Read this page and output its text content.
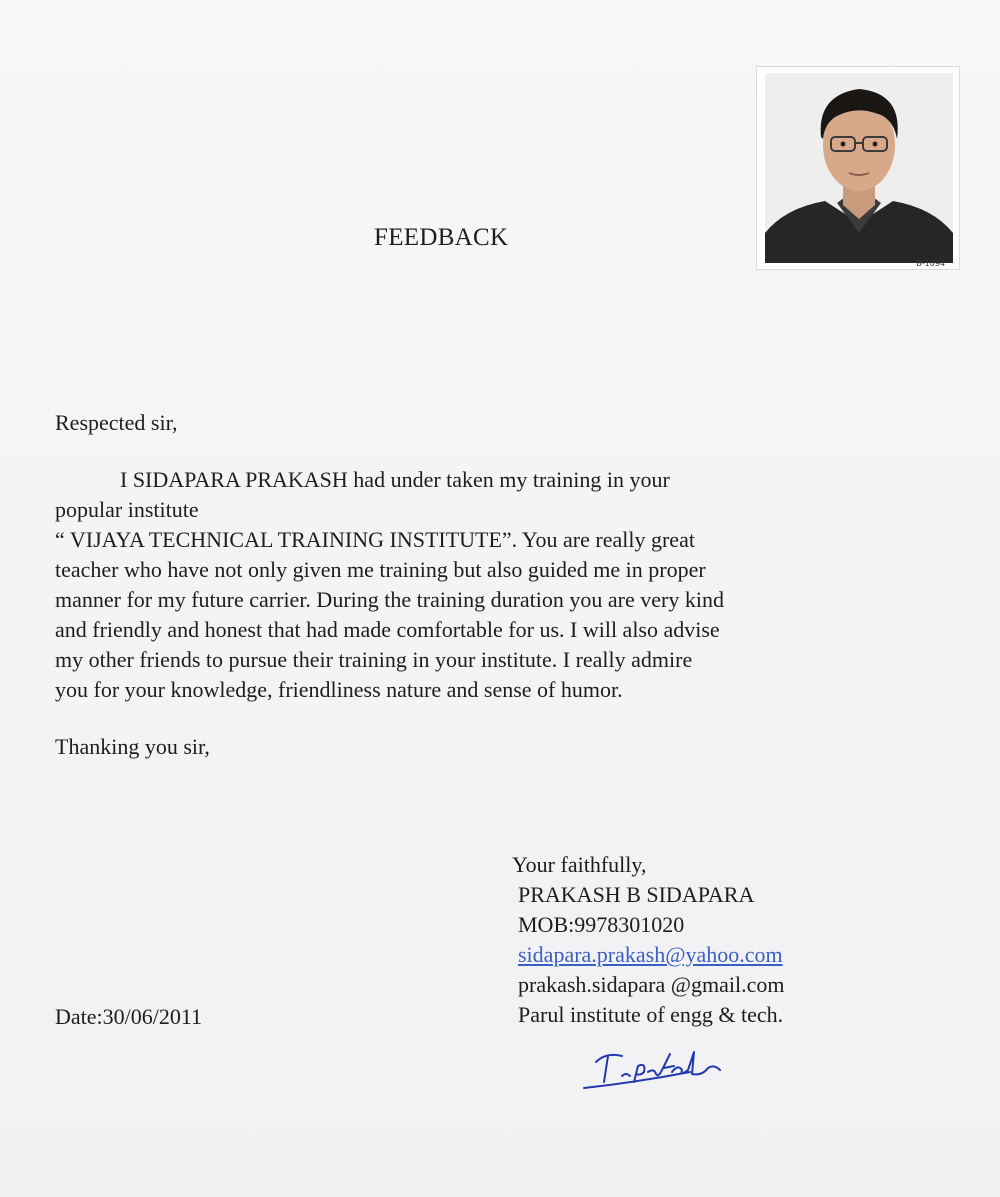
B-1094
FEEDBACK
Respected sir,
I SIDAPARA PRAKASH had under taken my training in your
popular institute
“ VIJAYA TECHNICAL TRAINING INSTITUTE”. You are really great
teacher who have not only given me training but also guided me in proper
manner for my future carrier. During the training duration you are very kind
and friendly and honest that had made comfortable for us. I will also advise
my other friends to pursue their training in your institute. I really admire
you for your knowledge, friendliness nature and sense of humor.
Thanking you sir,
Your faithfully,
PRAKASH B SIDAPARA
MOB:9978301020
sidapara.prakash@yahoo.com
prakash.sidapara @gmail.com
Parul institute of engg & tech.
Date:30/06/2011
